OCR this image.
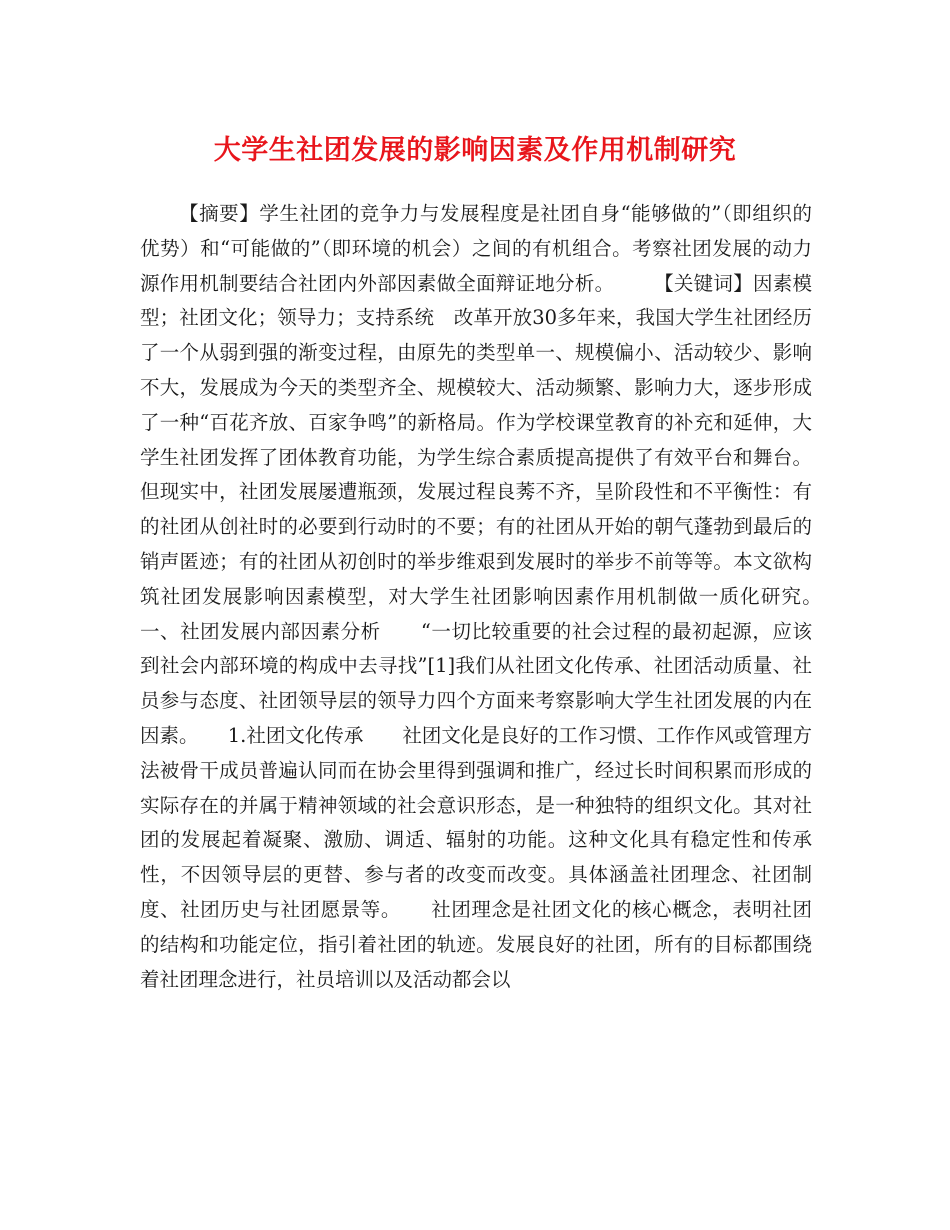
大学生社团发展的影响因素及作用机制研究

【摘要】学生社团的竞争力与发展程度是社团自身“能够做的”（即组织的优势）和“可能做的”（即环境的机会）之间的有机组合。考察社团发展的动力源作用机制要结合社团内外部因素做全面辩证地分析。　　　【关键词】因素模型；社团文化；领导力；支持系统　改革开放30多年来，我国大学生社团经历了一个从弱到强的渐变过程，由原先的类型单一、规模偏小、活动较少、影响不大，发展成为今天的类型齐全、规模较大、活动频繁、影响力大，逐步形成了一种“百花齐放、百家争鸣”的新格局。作为学校课堂教育的补充和延伸，大学生社团发挥了团体教育功能，为学生综合素质提高提供了有效平台和舞台。但现实中，社团发展屡遭瓶颈，发展过程良莠不齐，呈阶段性和不平衡性：有的社团从创社时的必要到行动时的不要；有的社团从开始的朝气蓬勃到最后的销声匿迹；有的社团从初创时的举步维艰到发展时的举步不前等等。本文欲构筑社团发展影响因素模型，对大学生社团影响因素作用机制做一质化研究。　　一、社团发展内部因素分析　　“一切比较重要的社会过程的最初起源，应该到社会内部环境的构成中去寻找”[1]我们从社团文化传承、社团活动质量、社员参与态度、社团领导层的领导力四个方面来考察影响大学生社团发展的内在因素。　　1.社团文化传承　　社团文化是良好的工作习惯、工作作风或管理方法被骨干成员普遍认同而在协会里得到强调和推广，经过长时间积累而形成的实际存在的并属于精神领域的社会意识形态，是一种独特的组织文化。其对社团的发展起着凝聚、激励、调适、辐射的功能。这种文化具有稳定性和传承性，不因领导层的更替、参与者的改变而改变。具体涵盖社团理念、社团制度、社团历史与社团愿景等。　　社团理念是社团文化的核心概念，表明社团的结构和功能定位，指引着社团的轨迹。发展良好的社团，所有的目标都围绕着社团理念进行，社员培训以及活动都会以
